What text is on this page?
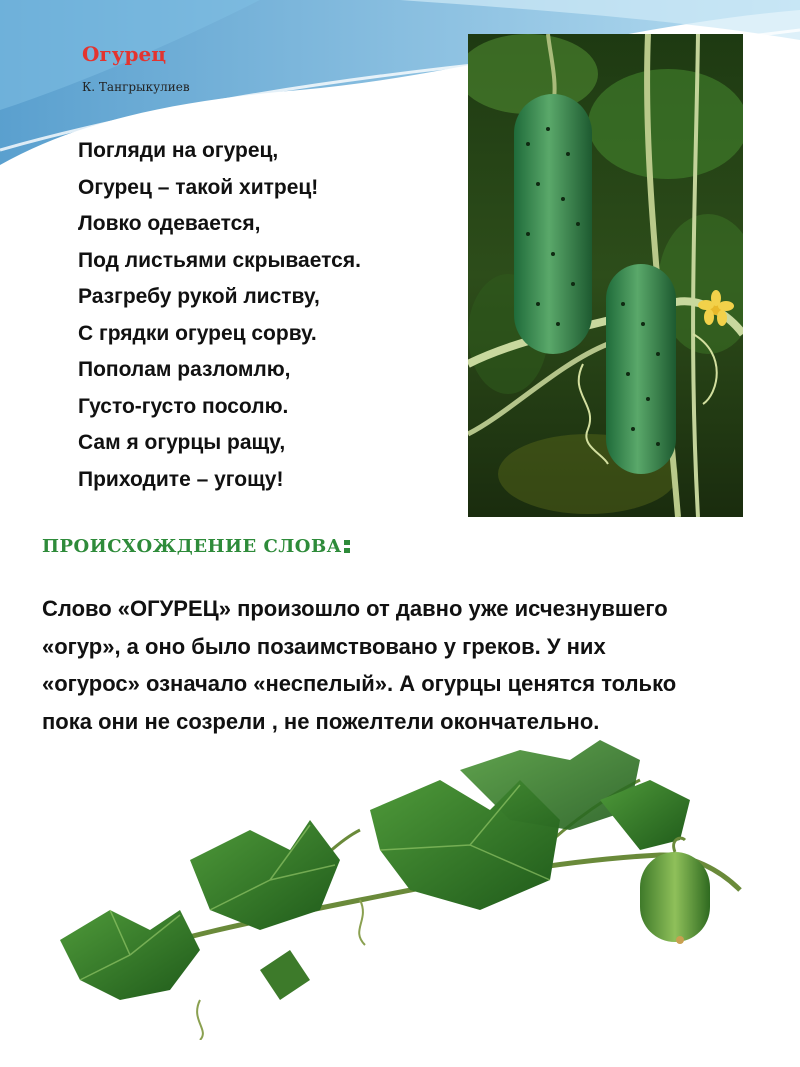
Огурец
К. Тангрыкулиев
Погляди на огурец,
Огурец – такой хитрец!
Ловко одевается,
Под листьями скрывается.
Разгребу рукой листву,
С грядки огурец сорву.
Пополам разломлю,
Густо-густо посолю.
Сам я огурцы ращу,
Приходите – угощу!
ПРОИСХОЖДЕНИЕ СЛОВА

Слово «ОГУРЕЦ» произошло от давно уже исчезнувшего «огур», а оно было позаимствовано у греков. У них «огурос» означало «неспелый». А огурцы ценятся только пока они не созрели , не пожелтели окончательно.
